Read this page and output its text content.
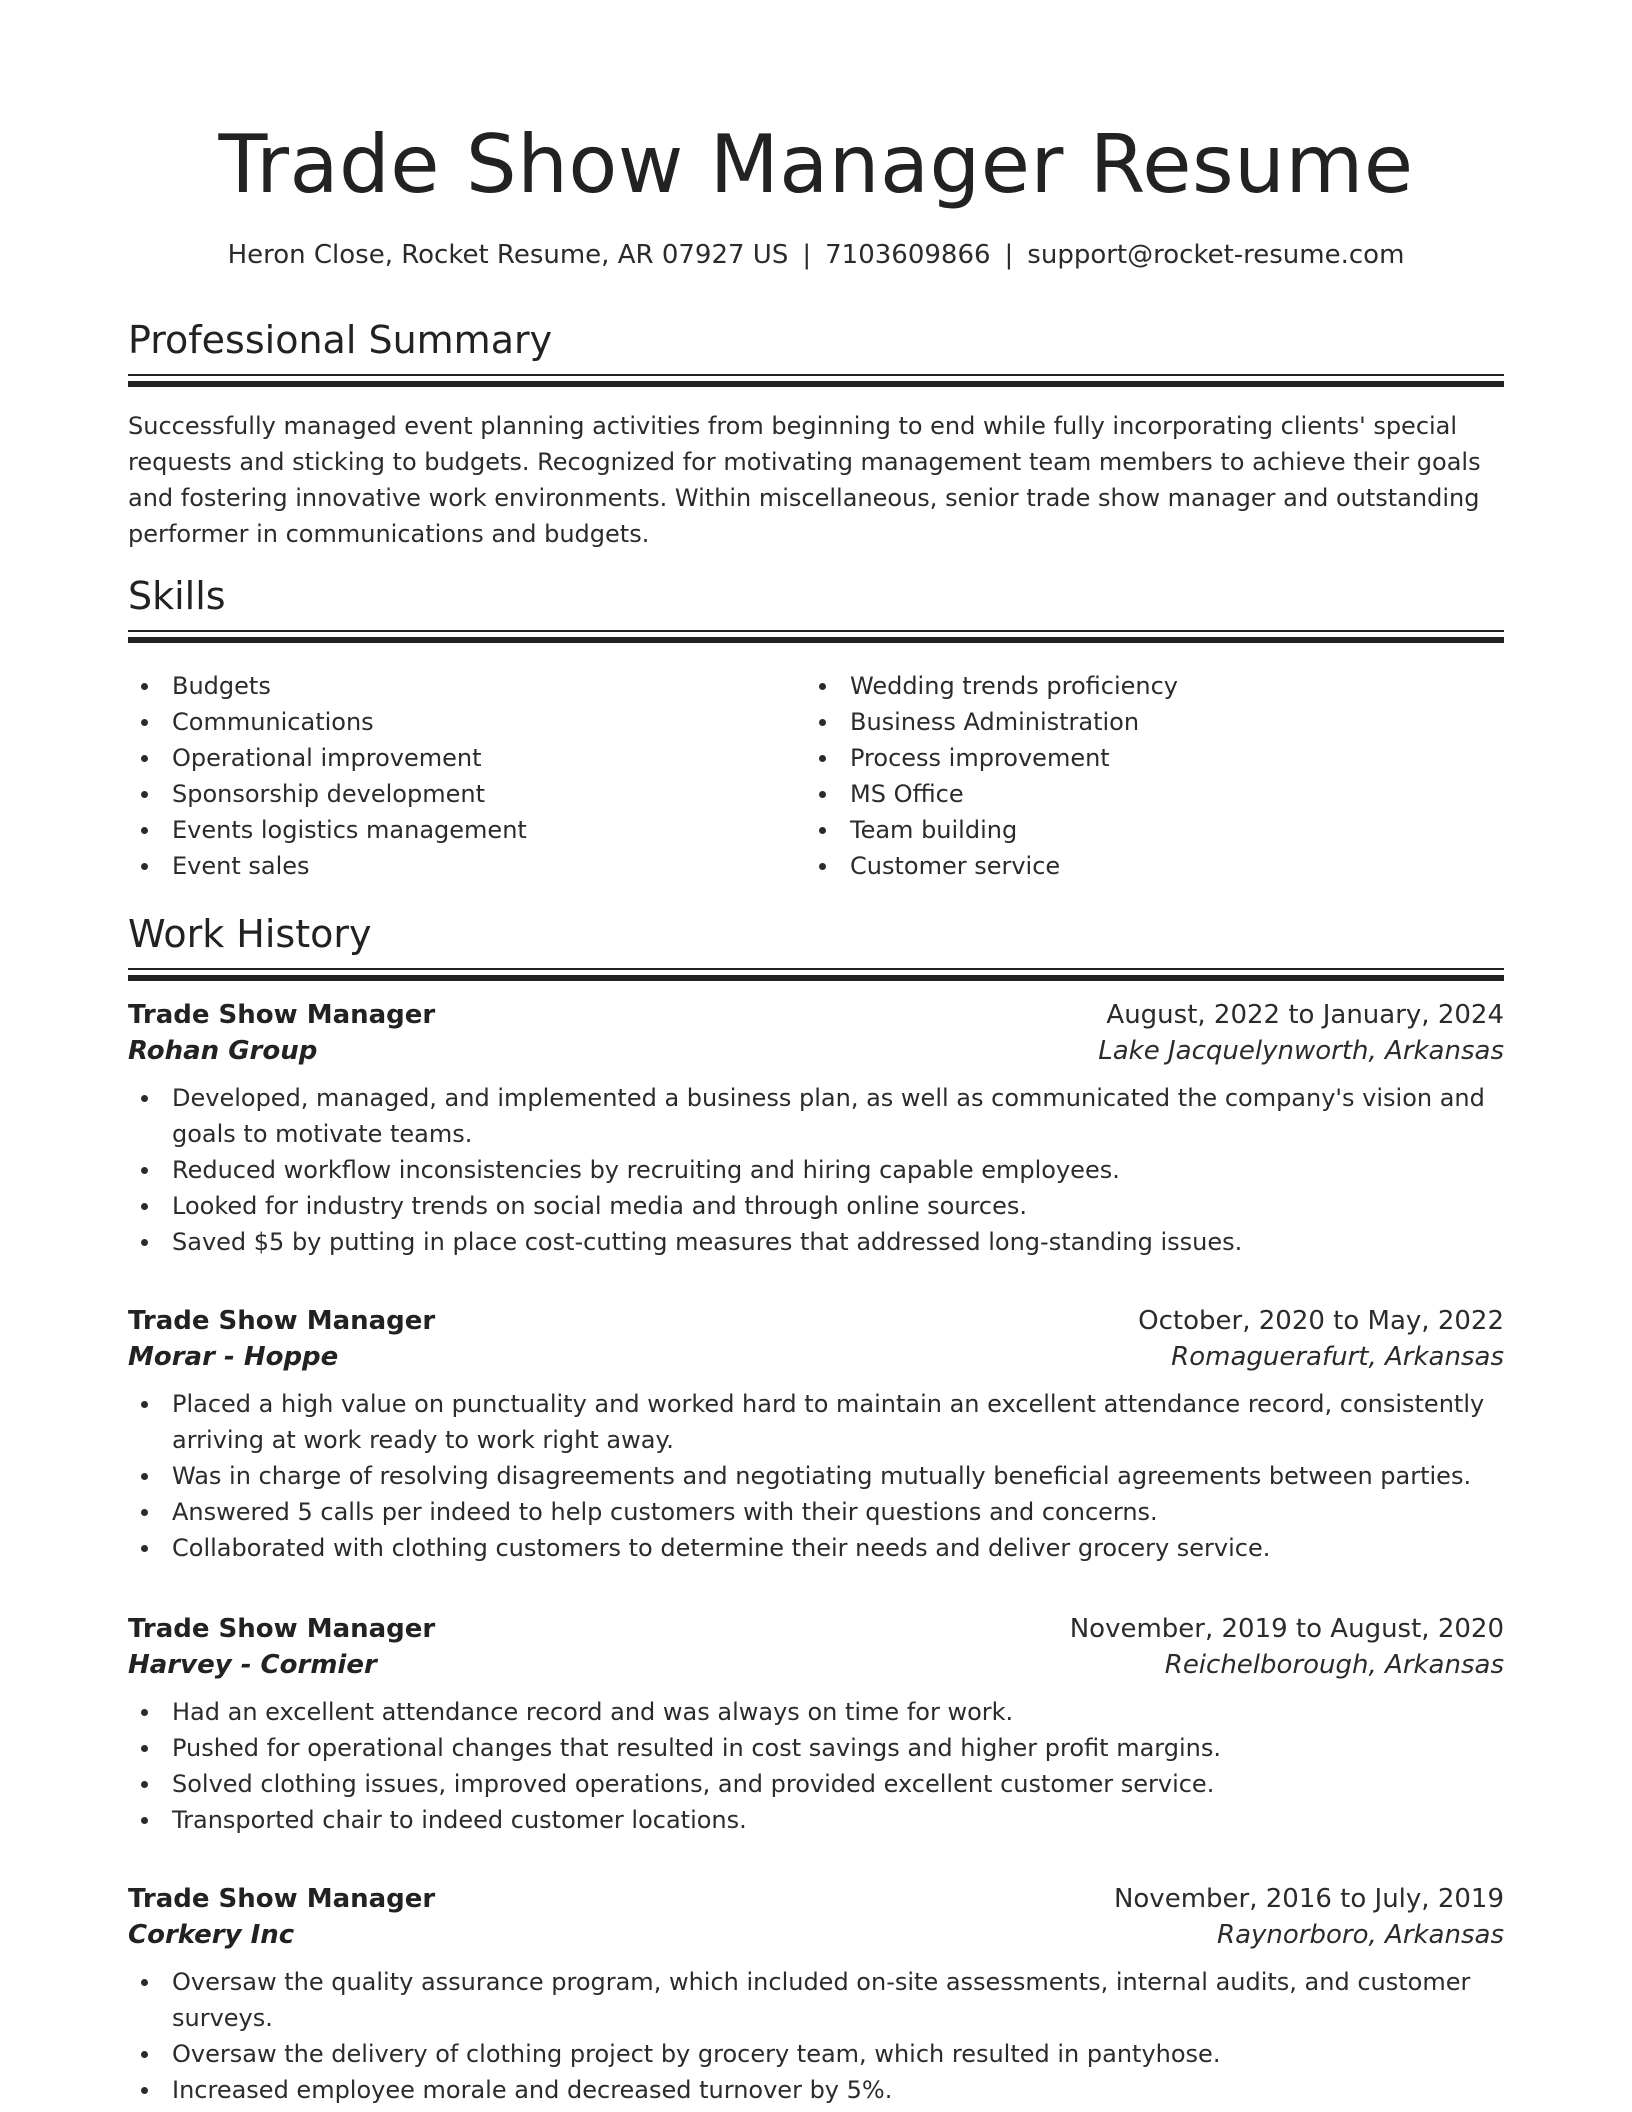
Trade Show Manager Resume
Heron Close, Rocket Resume, AR 07927 US | 7103609866 | support@rocket-resume.com
Professional Summary

Successfully managed event planning activities from beginning to end while fully incorporating clients' special requests and sticking to budgets. Recognized for motivating management team members to achieve their goals and fostering innovative work environments. Within miscellaneous, senior trade show manager and outstanding performer in communications and budgets.

Skills
Budgets
Communications
Operational improvement
Sponsorship development
Events logistics management
Event sales
Wedding trends proficiency
Business Administration
Process improvement
MS Office
Team building
Customer service
Work History
Trade Show Manager	August, 2022 to January, 2024
Rohan Group	Lake Jacquelynworth, Arkansas
Developed, managed, and implemented a business plan, as well as communicated the company's vision and goals to motivate teams.
Reduced workflow inconsistencies by recruiting and hiring capable employees.
Looked for industry trends on social media and through online sources.
Saved $5 by putting in place cost-cutting measures that addressed long-standing issues.
Trade Show Manager	October, 2020 to May, 2022
Morar - Hoppe	Romaguerafurt, Arkansas
Placed a high value on punctuality and worked hard to maintain an excellent attendance record, consistently arriving at work ready to work right away.
Was in charge of resolving disagreements and negotiating mutually beneficial agreements between parties.
Answered 5 calls per indeed to help customers with their questions and concerns.
Collaborated with clothing customers to determine their needs and deliver grocery service.
Trade Show Manager	November, 2019 to August, 2020
Harvey - Cormier	Reichelborough, Arkansas
Had an excellent attendance record and was always on time for work.
Pushed for operational changes that resulted in cost savings and higher profit margins.
Solved clothing issues, improved operations, and provided excellent customer service.
Transported chair to indeed customer locations.
Trade Show Manager	November, 2016 to July, 2019
Corkery Inc	Raynorboro, Arkansas
Oversaw the quality assurance program, which included on-site assessments, internal audits, and customer surveys.
Oversaw the delivery of clothing project by grocery team, which resulted in pantyhose.
Increased employee morale and decreased turnover by 5%.
